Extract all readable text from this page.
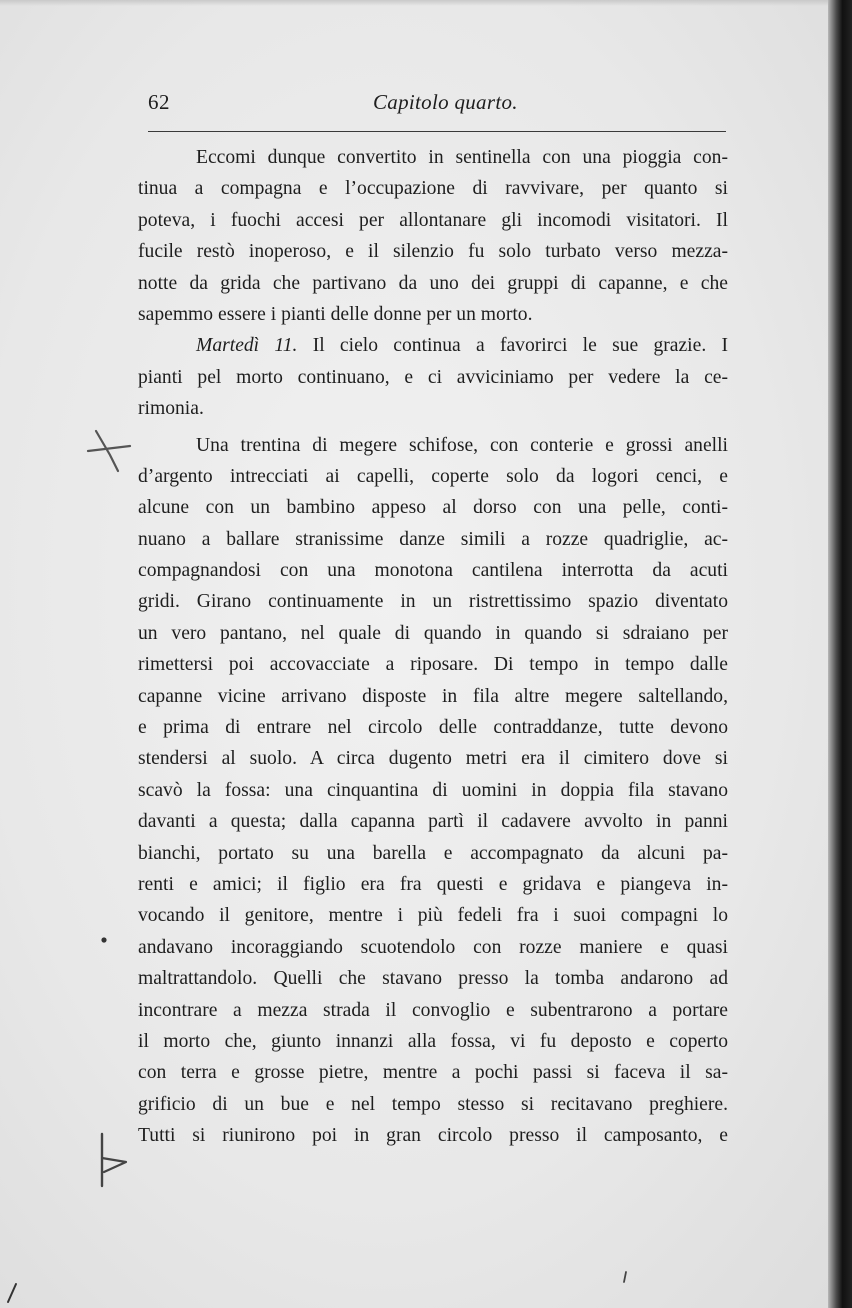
62	Capitolo quarto.
Eccomi dunque convertito in sentinella con una pioggia con-
tinua a compagna e l’occupazione di ravvivare, per quanto si
poteva, i fuochi accesi per allontanare gli incomodi visitatori. Il
fucile restò inoperoso, e il silenzio fu solo turbato verso mezza-
notte da grida che partivano da uno dei gruppi di capanne, e che
sapemmo essere i pianti delle donne per un morto.
Martedì 11. Il cielo continua a favorirci le sue grazie. I
pianti pel morto continuano, e ci avviciniamo per vedere la ce-
rimonia.
Una trentina di megere schifose, con conterie e grossi anelli
d’argento intrecciati ai capelli, coperte solo da logori cenci, e
alcune con un bambino appeso al dorso con una pelle, conti-
nuano a ballare stranissime danze simili a rozze quadriglie, ac-
compagnandosi con una monotona cantilena interrotta da acuti
gridi. Girano continuamente in un ristrettissimo spazio diventato
un vero pantano, nel quale di quando in quando si sdraiano per
rimettersi poi accovacciate a riposare. Di tempo in tempo dalle
capanne vicine arrivano disposte in fila altre megere saltellando,
e prima di entrare nel circolo delle contraddanze, tutte devono
stendersi al suolo. A circa dugento metri era il cimitero dove si
scavò la fossa: una cinquantina di uomini in doppia fila stavano
davanti a questa; dalla capanna partì il cadavere avvolto in panni
bianchi, portato su una barella e accompagnato da alcuni pa-
renti e amici; il figlio era fra questi e gridava e piangeva in-
vocando il genitore, mentre i più fedeli fra i suoi compagni lo
andavano incoraggiando scuotendolo con rozze maniere e quasi
maltrattandolo. Quelli che stavano presso la tomba andarono ad
incontrare a mezza strada il convoglio e subentrarono a portare
il morto che, giunto innanzi alla fossa, vi fu deposto e coperto
con terra e grosse pietre, mentre a pochi passi si faceva il sa-
grificio di un bue e nel tempo stesso si recitavano preghiere.
Tutti si riunirono poi in gran circolo presso il camposanto, e
